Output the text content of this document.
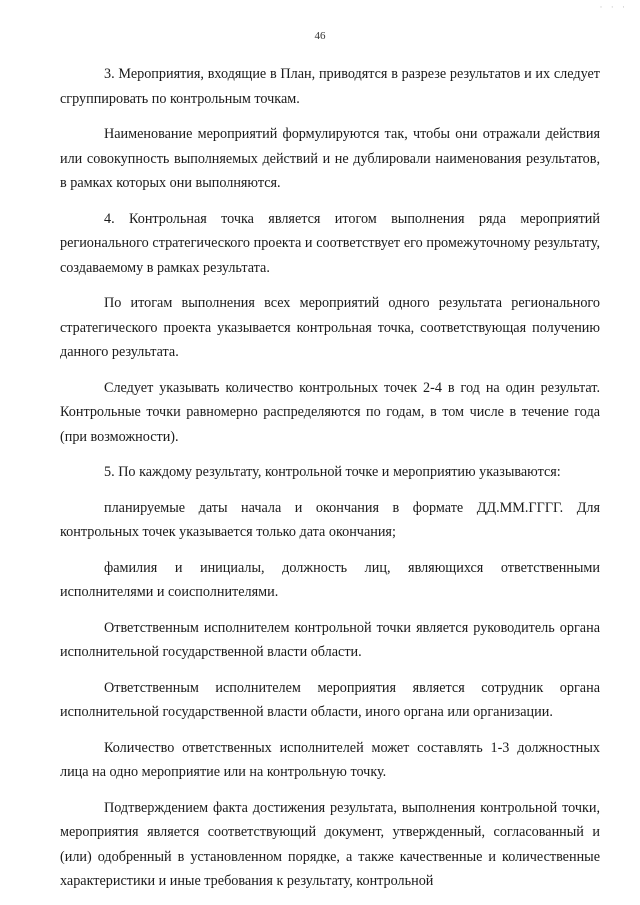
· · ·
46

3. Мероприятия, входящие в План, приводятся в разрезе результатов и их следует сгруппировать по контрольным точкам.

Наименование мероприятий формулируются так, чтобы они отражали действия или совокупность выполняемых действий и не дублировали наименования результатов, в рамках которых они выполняются.

4. Контрольная точка является итогом выполнения ряда мероприятий регионального стратегического проекта и соответствует его промежуточному результату, создаваемому в рамках результата.

По итогам выполнения всех мероприятий одного результата регионального стратегического проекта указывается контрольная точка, соответствующая получению данного результата.

Следует указывать количество контрольных точек 2-4 в год на один результат. Контрольные точки равномерно распределяются по годам, в том числе в течение года (при возможности).

5. По каждому результату, контрольной точке и мероприятию указываются:

планируемые даты начала и окончания в формате ДД.ММ.ГГГГ. Для контрольных точек указывается только дата окончания;

фамилия и инициалы, должность лиц, являющихся ответственными исполнителями и соисполнителями.

Ответственным исполнителем контрольной точки является руководитель органа исполнительной государственной власти области.

Ответственным исполнителем мероприятия является сотрудник органа исполнительной государственной власти области, иного органа или организации.

Количество ответственных исполнителей может составлять 1-3 должностных лица на одно мероприятие или на контрольную точку.

Подтверждением факта достижения результата, выполнения контрольной точки, мероприятия является соответствующий документ, утвержденный, согласованный и (или) одобренный в установленном порядке, а также качественные и количественные характеристики и иные требования к результату, контрольной
